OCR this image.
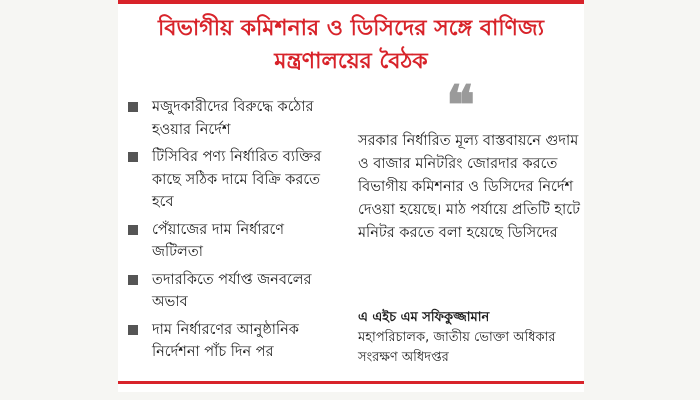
বিভাগীয় কমিশনার ও ডিসিদের সঙ্গে বাণিজ্য মন্ত্রণালয়ের বৈঠক
মজুদকারীদের বিরুদ্ধে কঠোর হওয়ার নির্দেশ
টিসিবির পণ্য নির্ধারিত ব্যক্তির কাছে সঠিক দামে বিক্রি করতে হবে
পেঁয়াজের দাম নির্ধারণে জটিলতা
তদারকিতে পর্যাপ্ত জনবলের অভাব
দাম নির্ধারণের আনুষ্ঠানিক নির্দেশনা পাঁচ দিন পর
❝
সরকার নির্ধারিত মূল্য বাস্তবায়নে গুদাম ও বাজার মনিটরিং জোরদার করতে বিভাগীয় কমিশনার ও ডিসিদের নির্দেশ দেওয়া হয়েছে। মাঠ পর্যায়ে প্রতিটি হাটে মনিটর করতে বলা হয়েছে ডিসিদের
এ এইচ এম সফিকুজ্জামান
মহাপরিচালক, জাতীয় ভোক্তা অধিকার সংরক্ষণ অধিদপ্তর
